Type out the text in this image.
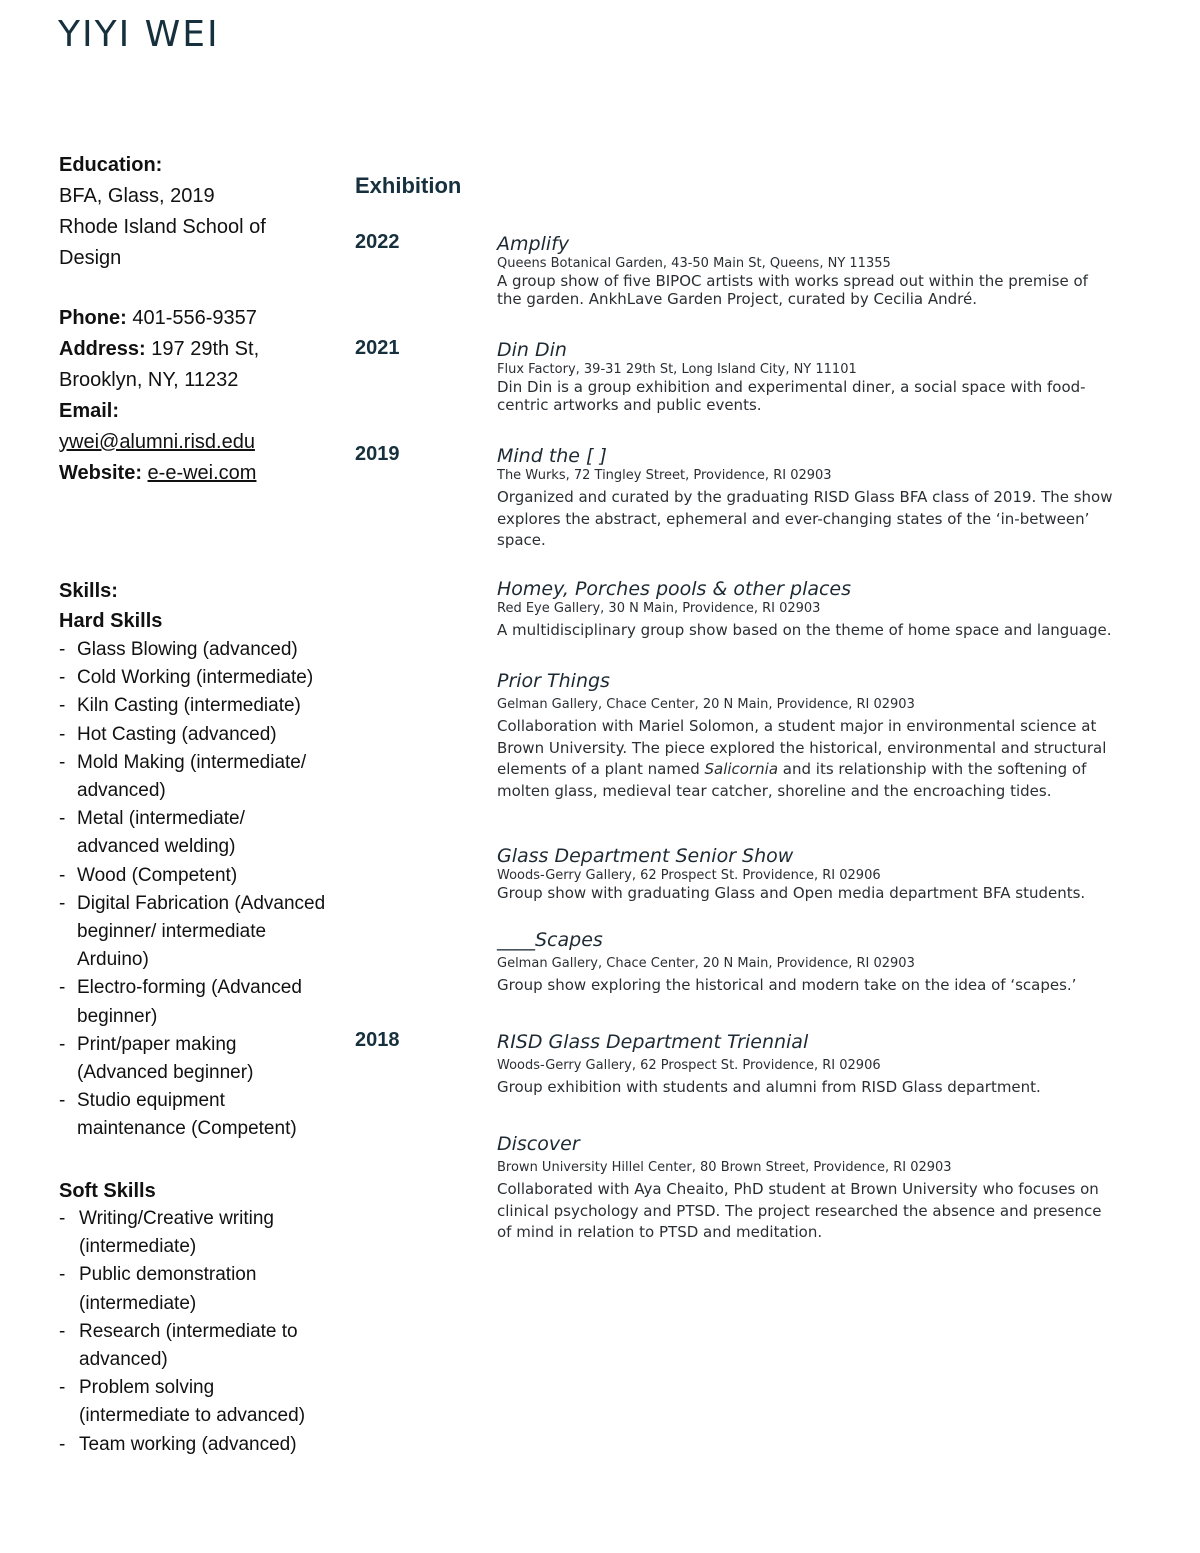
YIYI WEI
Education:
BFA, Glass, 2019
Rhode Island School of
Design
Phone: 401-556-9357
Address: 197 29th St,
Brooklyn, NY, 11232
Email:
ywei@alumni.risd.edu
Website: e-e-wei.com
Skills:
Hard Skills
- Glass Blowing (advanced)
- Cold Working (intermediate)
- Kiln Casting (intermediate)
- Hot Casting (advanced)
- Mold Making (intermediate/
advanced)
- Metal (intermediate/
advanced welding)
- Wood (Competent)
- Digital Fabrication (Advanced
beginner/ intermediate
Arduino)
- Electro-forming (Advanced
beginner)
- Print/paper making
(Advanced beginner)
- Studio equipment
maintenance (Competent)
Soft Skills
- Writing/Creative writing
(intermediate)
- Public demonstration
(intermediate)
- Research (intermediate to
advanced)
- Problem solving
(intermediate to advanced)
- Team working (advanced)
Exhibition
2022
2021
2019
2018
Amplify
Queens Botanical Garden, 43-50 Main St, Queens, NY 11355
A group show of five BIPOC artists with works spread out within the premise of
the garden. AnkhLave Garden Project, curated by Cecilia André.
Din Din
Flux Factory, 39-31 29th St, Long Island City, NY 11101
Din Din is a group exhibition and experimental diner, a social space with food-
centric artworks and public events.
Mind the [ ]
The Wurks, 72 Tingley Street, Providence, RI 02903
Organized and curated by the graduating RISD Glass BFA class of 2019. The show
explores the abstract, ephemeral and ever-changing states of the ‘in-between’
space.
Homey, Porches pools & other places
Red Eye Gallery, 30 N Main, Providence, RI 02903
A multidisciplinary group show based on the theme of home space and language.
Prior Things
Gelman Gallery, Chace Center, 20 N Main, Providence, RI 02903
Collaboration with Mariel Solomon, a student major in environmental science at
Brown University. The piece explored the historical, environmental and structural
elements of a plant named Salicornia and its relationship with the softening of
molten glass, medieval tear catcher, shoreline and the encroaching tides.
Glass Department Senior Show
Woods-Gerry Gallery, 62 Prospect St. Providence, RI 02906
Group show with graduating Glass and Open media department BFA students.
____Scapes
Gelman Gallery, Chace Center, 20 N Main, Providence, RI 02903
Group show exploring the historical and modern take on the idea of ‘scapes.’
RISD Glass Department Triennial
Woods-Gerry Gallery, 62 Prospect St. Providence, RI 02906
Group exhibition with students and alumni from RISD Glass department.
Discover
Brown University Hillel Center, 80 Brown Street, Providence, RI 02903
Collaborated with Aya Cheaito, PhD student at Brown University who focuses on
clinical psychology and PTSD. The project researched the absence and presence
of mind in relation to PTSD and meditation.
